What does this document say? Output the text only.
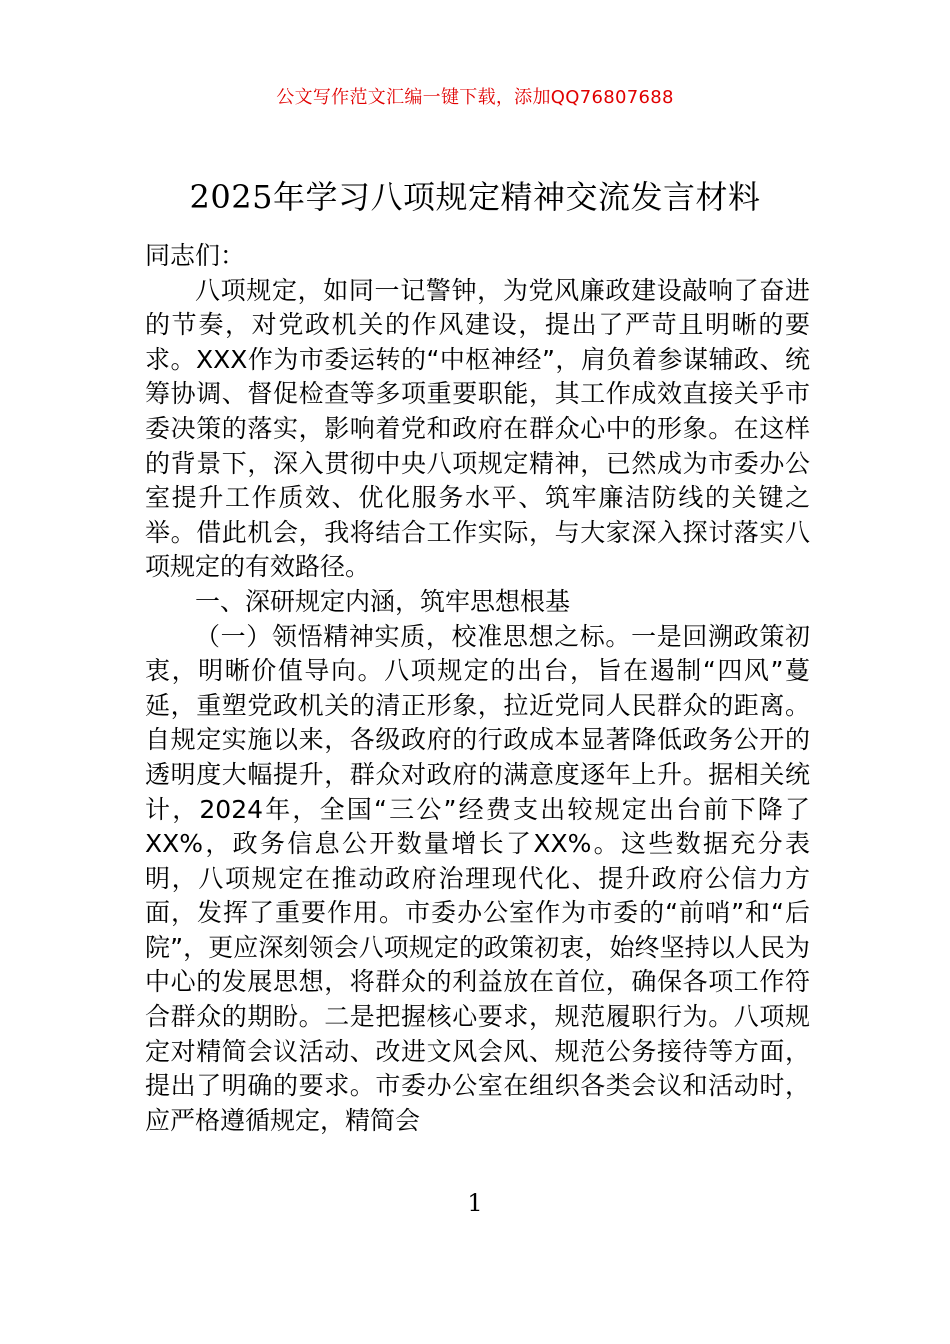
公文写作范文汇编一键下载，添加QQ76807688
2025年学习八项规定精神交流发言材料

同志们：

八项规定，如同一记警钟，为党风廉政建设敲响了奋进的节奏，对党政机关的作风建设，提出了严苛且明晰的要求。XXX作为市委运转的“中枢神经”，肩负着参谋辅政、统筹协调、督促检查等多项重要职能，其工作成效直接关乎市委决策的落实，影响着党和政府在群众心中的形象。在这样的背景下，深入贯彻中央八项规定精神，已然成为市委办公室提升工作质效、优化服务水平、筑牢廉洁防线的关键之举。借此机会，我将结合工作实际，与大家深入探讨落实八项规定的有效路径。

一、深研规定内涵，筑牢思想根基

（一）领悟精神实质，校准思想之标。一是回溯政策初衷，明晰价值导向。八项规定的出台，旨在遏制“四风”蔓延，重塑党政机关的清正形象，拉近党同人民群众的距离。自规定实施以来，各级政府的行政成本显著降低政务公开的透明度大幅提升，群众对政府的满意度逐年上升。据相关统计，2024年，全国“三公”经费支出较规定出台前下降了XX%，政务信息公开数量增长了XX%。这些数据充分表明，八项规定在推动政府治理现代化、提升政府公信力方面，发挥了重要作用。市委办公室作为市委的“前哨”和“后院”，更应深刻领会八项规定的政策初衷，始终坚持以人民为中心的发展思想，将群众的利益放在首位，确保各项工作符合群众的期盼。二是把握核心要求，规范履职行为。八项规定对精简会议活动、改进文风会风、规范公务接待等方面，提出了明确的要求。市委办公室在组织各类会议和活动时，应严格遵循规定，精简会

1
